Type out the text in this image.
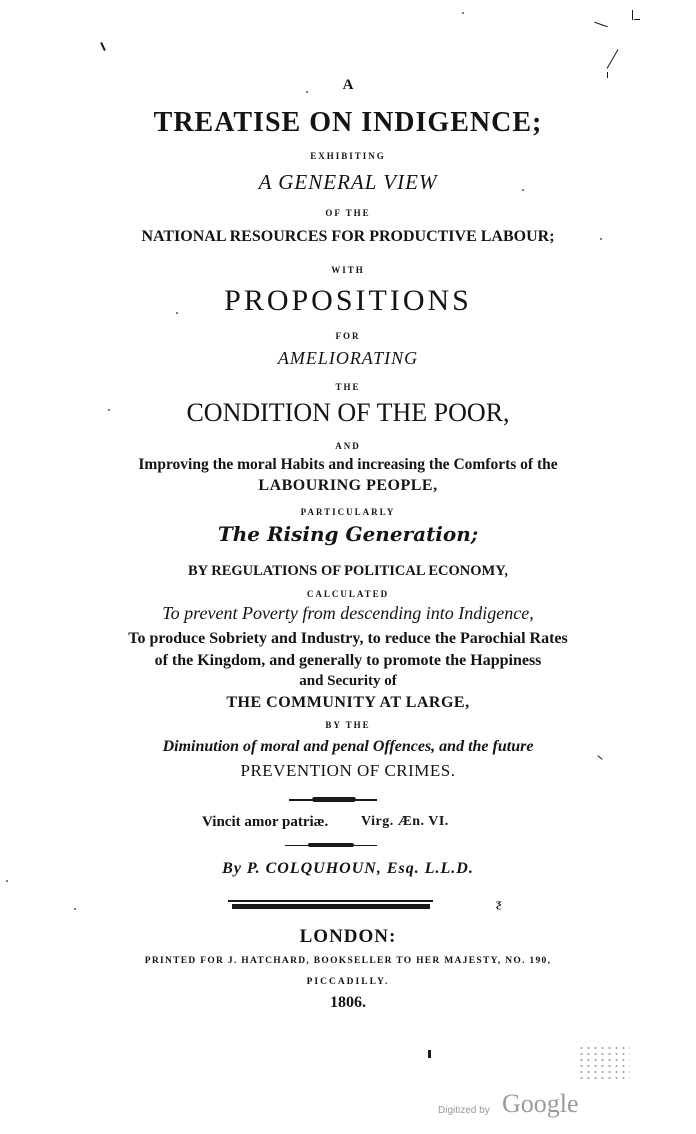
A
TREATISE ON INDIGENCE;
EXHIBITING
A GENERAL VIEW
OF THE
NATIONAL RESOURCES FOR PRODUCTIVE LABOUR;
WITH
PROPOSITIONS
FOR
AMELIORATING
THE
CONDITION OF THE POOR,
AND
Improving the moral Habits and increasing the Comforts of the
LABOURING PEOPLE,
PARTICULARLY
The Rising Generation;
BY REGULATIONS OF POLITICAL ECONOMY,
CALCULATED
To prevent Poverty from descending into Indigence,
To produce Sobriety and Industry, to reduce the Parochial Rates
of the Kingdom, and generally to promote the Happiness
and Security of
THE COMMUNITY AT LARGE,
BY THE
Diminution of moral and penal Offences, and the future
PREVENTION OF CRIMES.
Vincit amor patriæ. Virg. Æn. VI.
By P. COLQUHOUN, Esq. L.L.D.
ƺ
LONDON:
PRINTED FOR J. HATCHARD, BOOKSELLER TO HER MAJESTY, NO. 190,
PICCADILLY.
1806.
Digitized by Google
